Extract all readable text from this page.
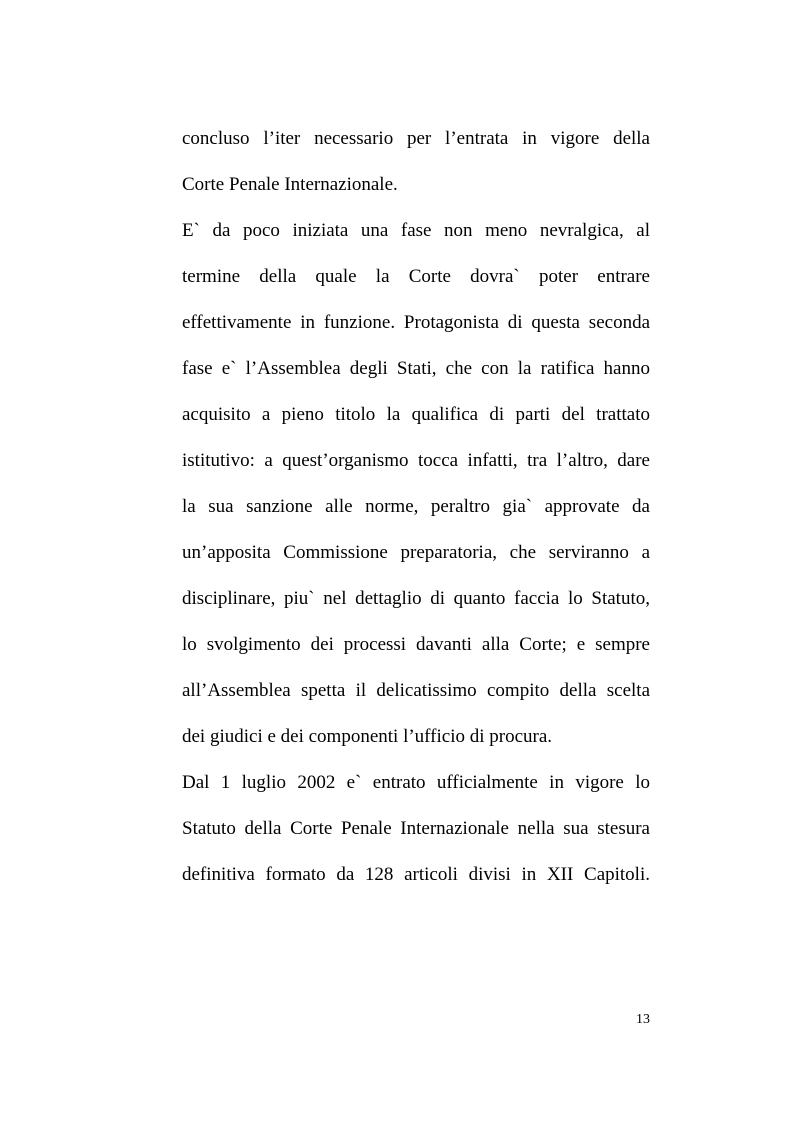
concluso l’iter necessario per l’entrata in vigore della
Corte Penale Internazionale.
E` da poco iniziata una fase non meno nevralgica, al
termine della quale la Corte dovra` poter entrare
effettivamente in funzione. Protagonista di questa seconda
fase e` l’Assemblea degli Stati, che con la ratifica hanno
acquisito a pieno titolo la qualifica di parti del trattato
istitutivo: a quest’organismo tocca infatti, tra l’altro, dare
la sua sanzione alle norme, peraltro gia` approvate da
un’apposita Commissione preparatoria, che serviranno a
disciplinare, piu` nel dettaglio di quanto faccia lo Statuto,
lo svolgimento dei processi davanti alla Corte; e sempre
all’Assemblea spetta il delicatissimo compito della scelta
dei giudici e dei componenti l’ufficio di procura.
Dal 1 luglio 2002 e` entrato ufficialmente in vigore lo
Statuto della Corte Penale Internazionale nella sua stesura
definitiva formato da 128 articoli divisi in XII Capitoli.
13
